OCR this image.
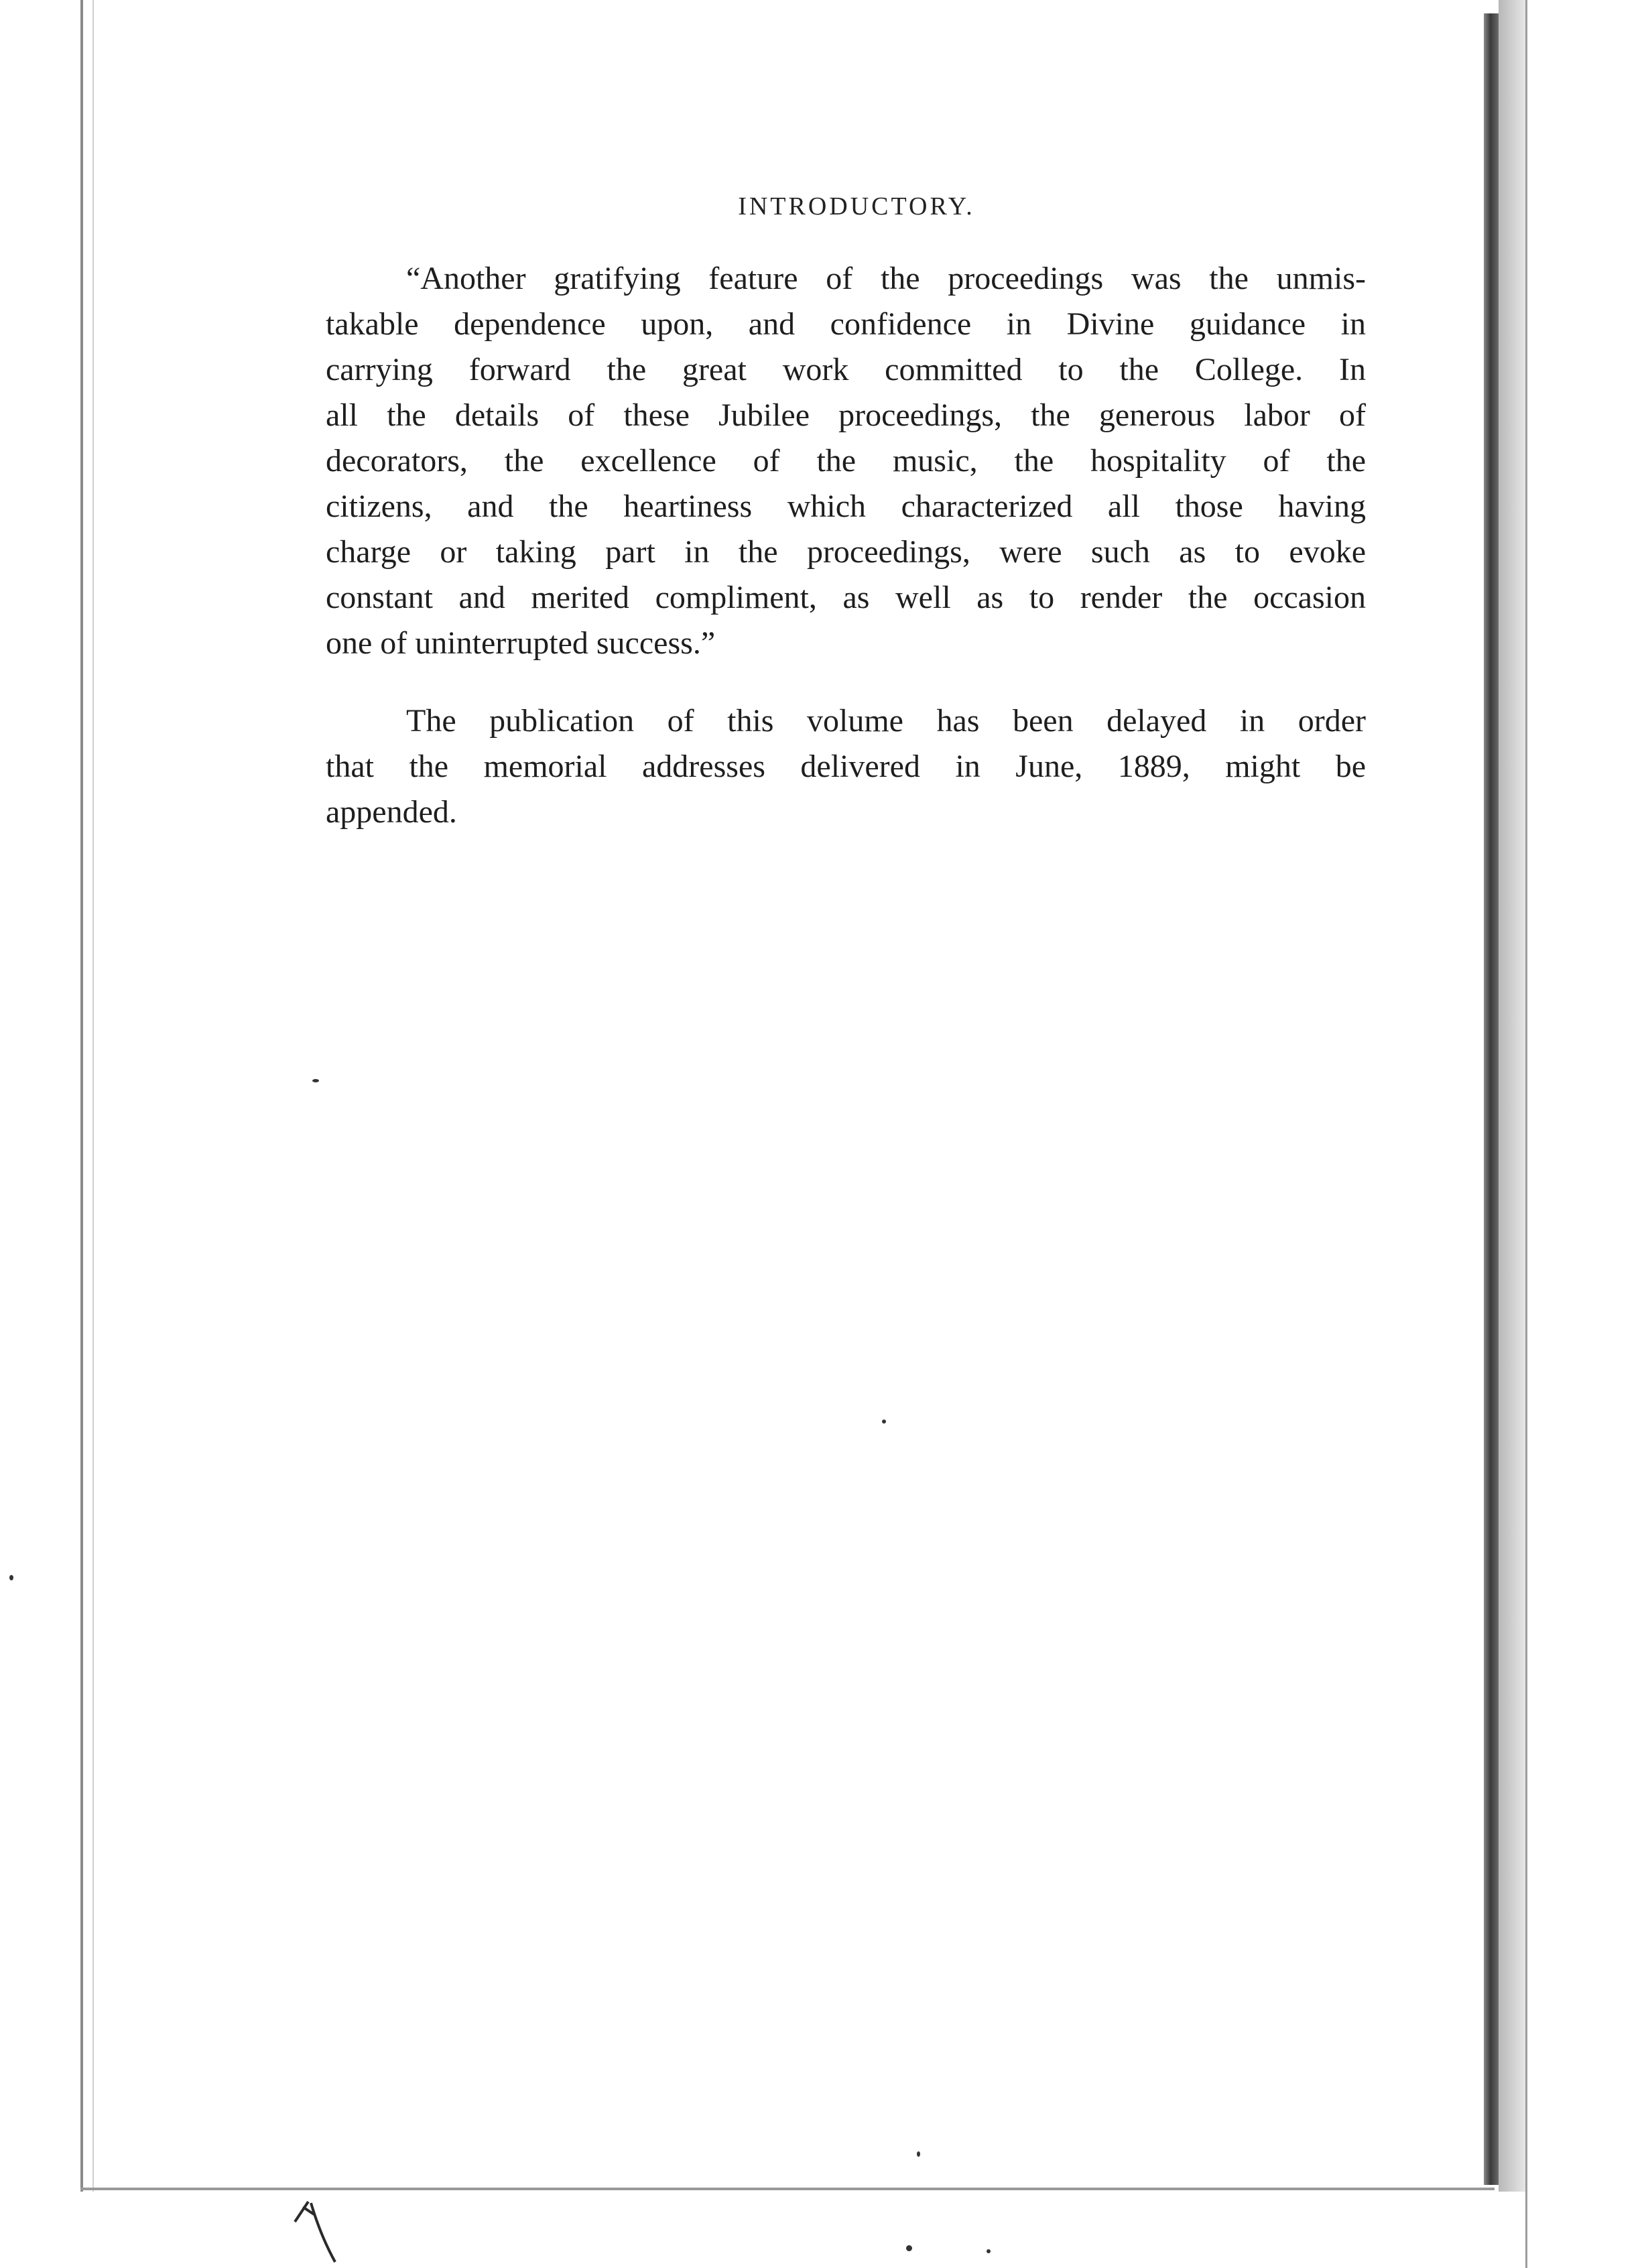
INTRODUCTORY.

“Another gratifying feature of the proceedings was the unmis-
takable dependence upon, and confidence in Divine guidance in
carrying forward the great work committed to the College. In
all the details of these Jubilee proceedings, the generous labor of
decorators, the excellence of the music, the hospitality of the
citizens, and the heartiness which characterized all those having
charge or taking part in the proceedings, were such as to evoke
constant and merited compliment, as well as to render the occasion
one of uninterrupted success.”

The publication of this volume has been delayed in order
that the memorial addresses delivered in June, 1889, might be
appended.
